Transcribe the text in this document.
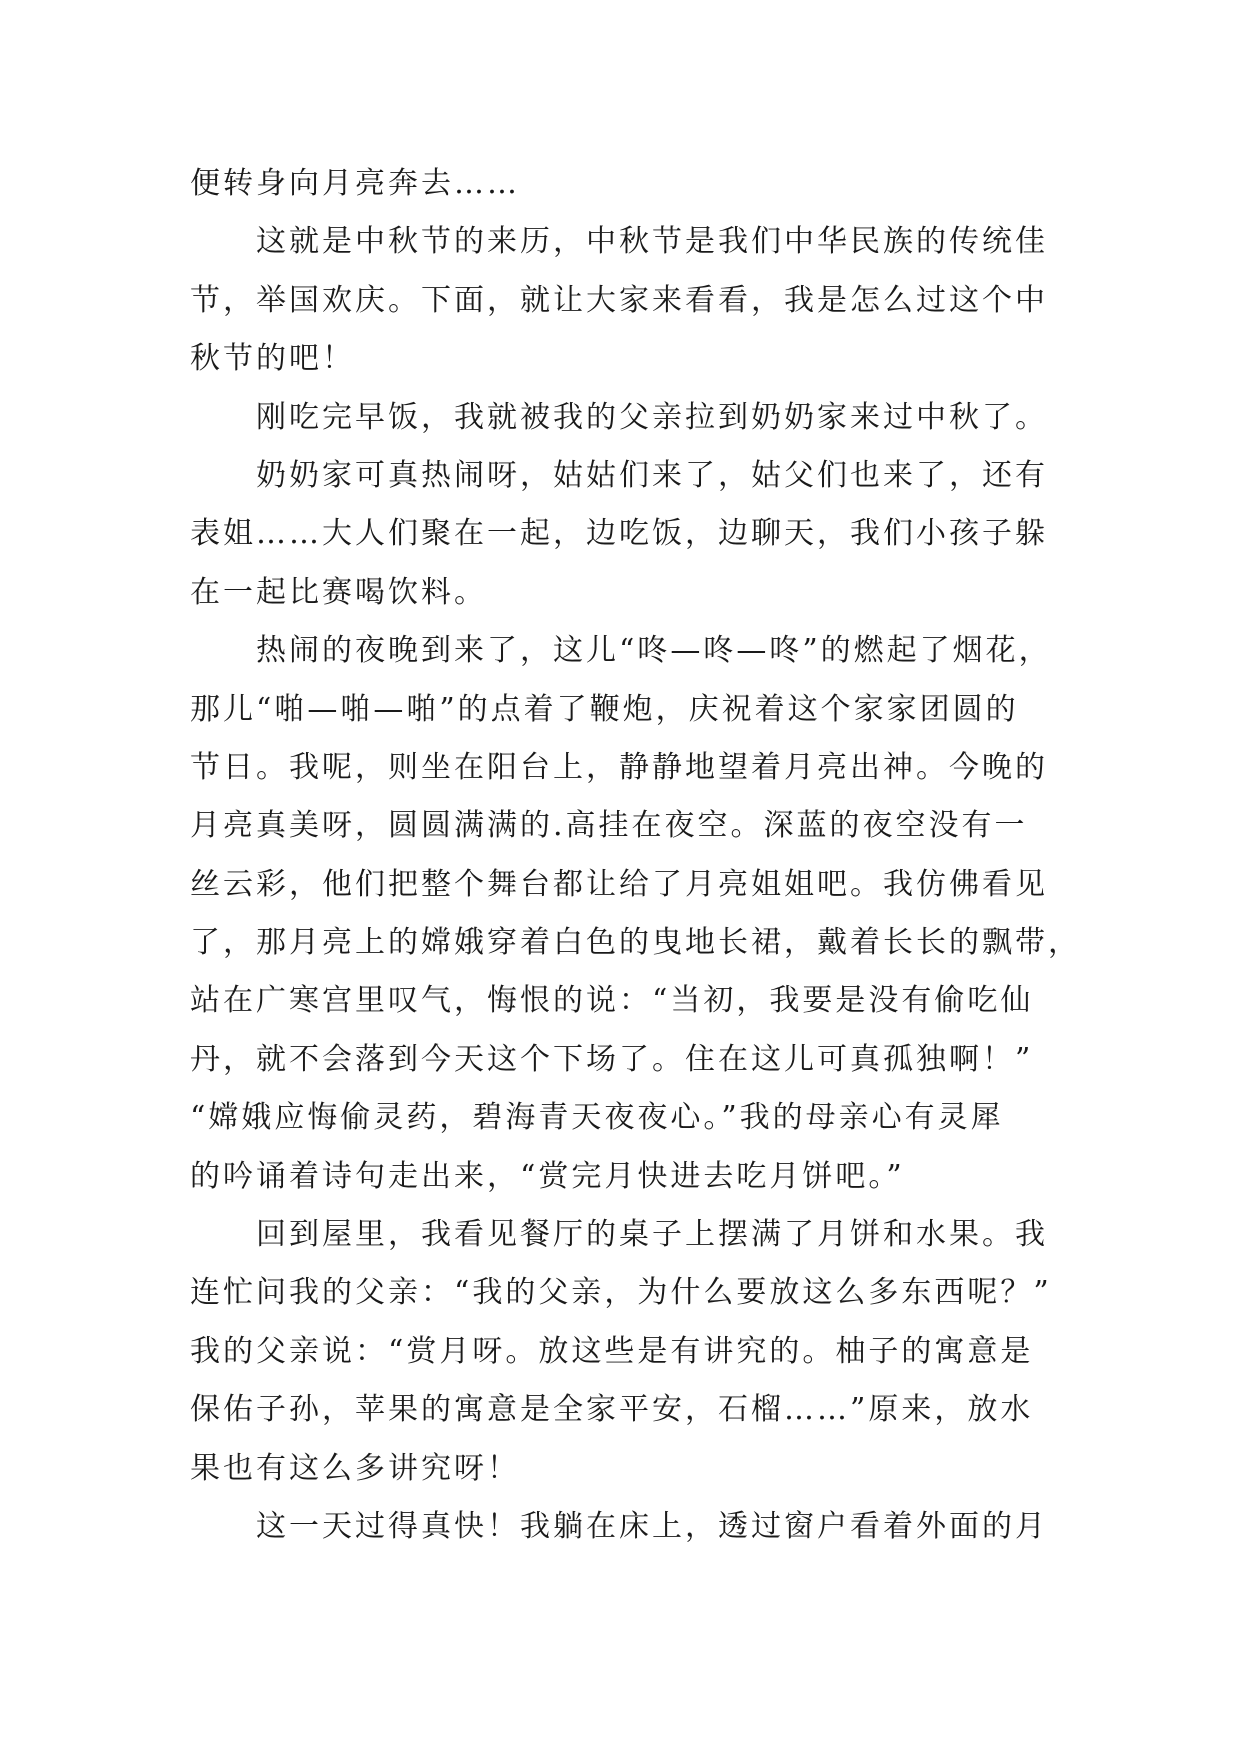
便转身向月亮奔去……
　　这就是中秋节的来历，中秋节是我们中华民族的传统佳
节，举国欢庆。下面，就让大家来看看，我是怎么过这个中
秋节的吧！
　　刚吃完早饭，我就被我的父亲拉到奶奶家来过中秋了。
　　奶奶家可真热闹呀，姑姑们来了，姑父们也来了，还有
表姐……大人们聚在一起，边吃饭，边聊天，我们小孩子躲
在一起比赛喝饮料。
　　热闹的夜晚到来了，这儿“咚—咚—咚”的燃起了烟花，
那儿“啪—啪—啪”的点着了鞭炮，庆祝着这个家家团圆的
节日。我呢，则坐在阳台上，静静地望着月亮出神。今晚的
月亮真美呀，圆圆满满的.高挂在夜空。深蓝的夜空没有一
丝云彩，他们把整个舞台都让给了月亮姐姐吧。我仿佛看见
了，那月亮上的嫦娥穿着白色的曳地长裙，戴着长长的飘带，
站在广寒宫里叹气，悔恨的说：“当初，我要是没有偷吃仙
丹，就不会落到今天这个下场了。住在这儿可真孤独啊！”
“嫦娥应悔偷灵药，碧海青天夜夜心。”我的母亲心有灵犀
的吟诵着诗句走出来，“赏完月快进去吃月饼吧。”
　　回到屋里，我看见餐厅的桌子上摆满了月饼和水果。我
连忙问我的父亲：“我的父亲，为什么要放这么多东西呢？”
我的父亲说：“赏月呀。放这些是有讲究的。柚子的寓意是
保佑子孙，苹果的寓意是全家平安，石榴……”原来，放水
果也有这么多讲究呀！
　　这一天过得真快！我躺在床上，透过窗户看着外面的月
